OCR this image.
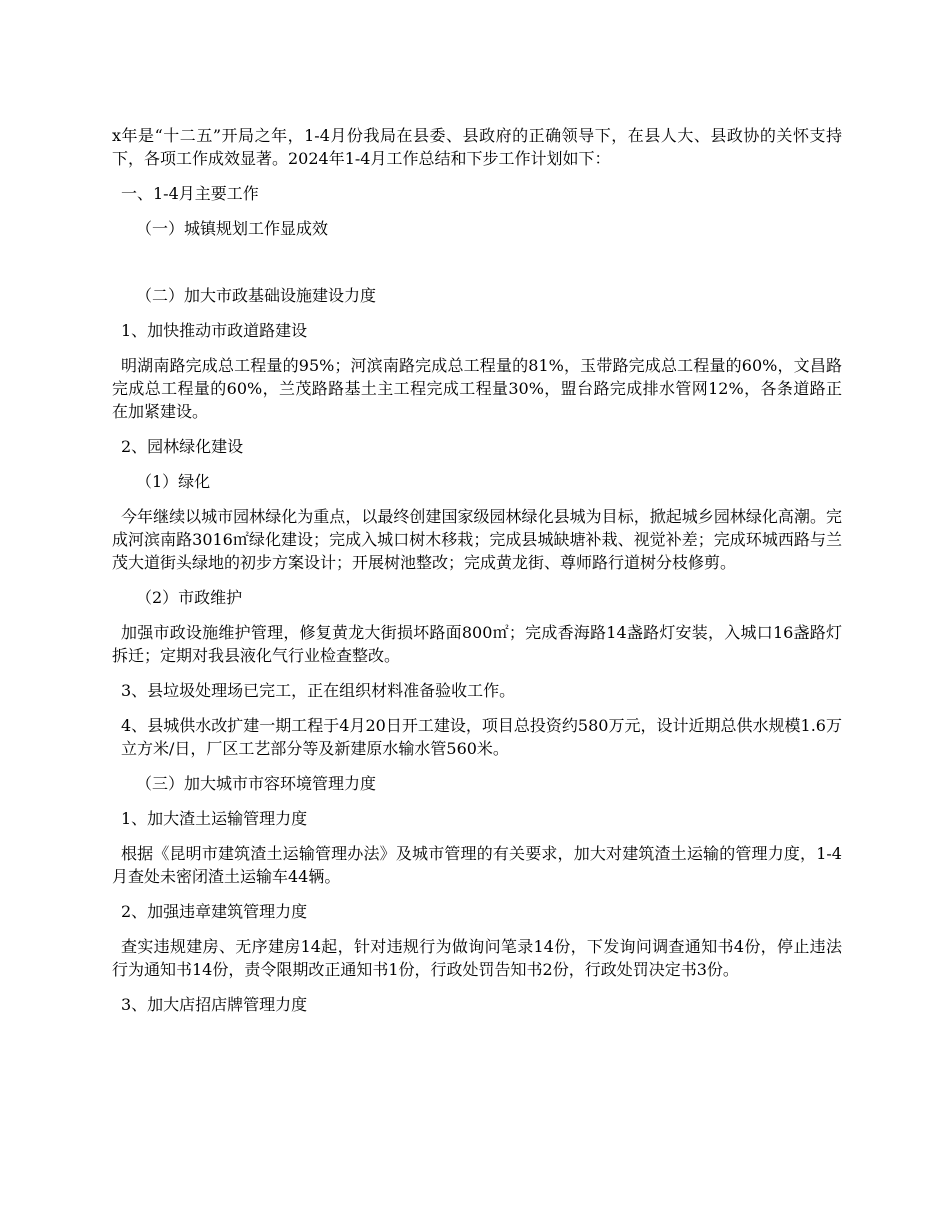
x年是“十二五”开局之年，1-4月份我局在县委、县政府的正确领导下，在县人大、县政协的关怀支持下，各项工作成效显著。2024年1-4月工作总结和下步工作计划如下：

一、1-4月主要工作

（一）城镇规划工作显成效

（二）加大市政基础设施建设力度

1、加快推动市政道路建设

明湖南路完成总工程量的95%；河滨南路完成总工程量的81%，玉带路完成总工程量的60%，文昌路完成总工程量的60%，兰茂路路基土主工程完成工程量30%，盟台路完成排水管网12%，各条道路正在加紧建设。

2、园林绿化建设

（1）绿化

今年继续以城市园林绿化为重点，以最终创建国家级园林绿化县城为目标，掀起城乡园林绿化高潮。完成河滨南路3016㎡绿化建设；完成入城口树木移栽；完成县城缺塘补栽、视觉补差；完成环城西路与兰茂大道街头绿地的初步方案设计；开展树池整改；完成黄龙街、尊师路行道树分枝修剪。

（2）市政维护

加强市政设施维护管理，修复黄龙大街损坏路面800㎡；完成香海路14盏路灯安装，入城口16盏路灯拆迁；定期对我县液化气行业检查整改。

3、县垃圾处理场已完工，正在组织材料准备验收工作。

4、县城供水改扩建一期工程于4月20日开工建设，项目总投资约580万元，设计近期总供水规模1.6万立方米/日，厂区工艺部分等及新建原水输水管560米。

（三）加大城市市容环境管理力度

1、加大渣土运输管理力度

根据《昆明市建筑渣土运输管理办法》及城市管理的有关要求，加大对建筑渣土运输的管理力度，1-4月查处未密闭渣土运输车44辆。

2、加强违章建筑管理力度

查实违规建房、无序建房14起，针对违规行为做询问笔录14份，下发询问调查通知书4份，停止违法行为通知书14份，责令限期改正通知书1份，行政处罚告知书2份，行政处罚决定书3份。

3、加大店招店牌管理力度
